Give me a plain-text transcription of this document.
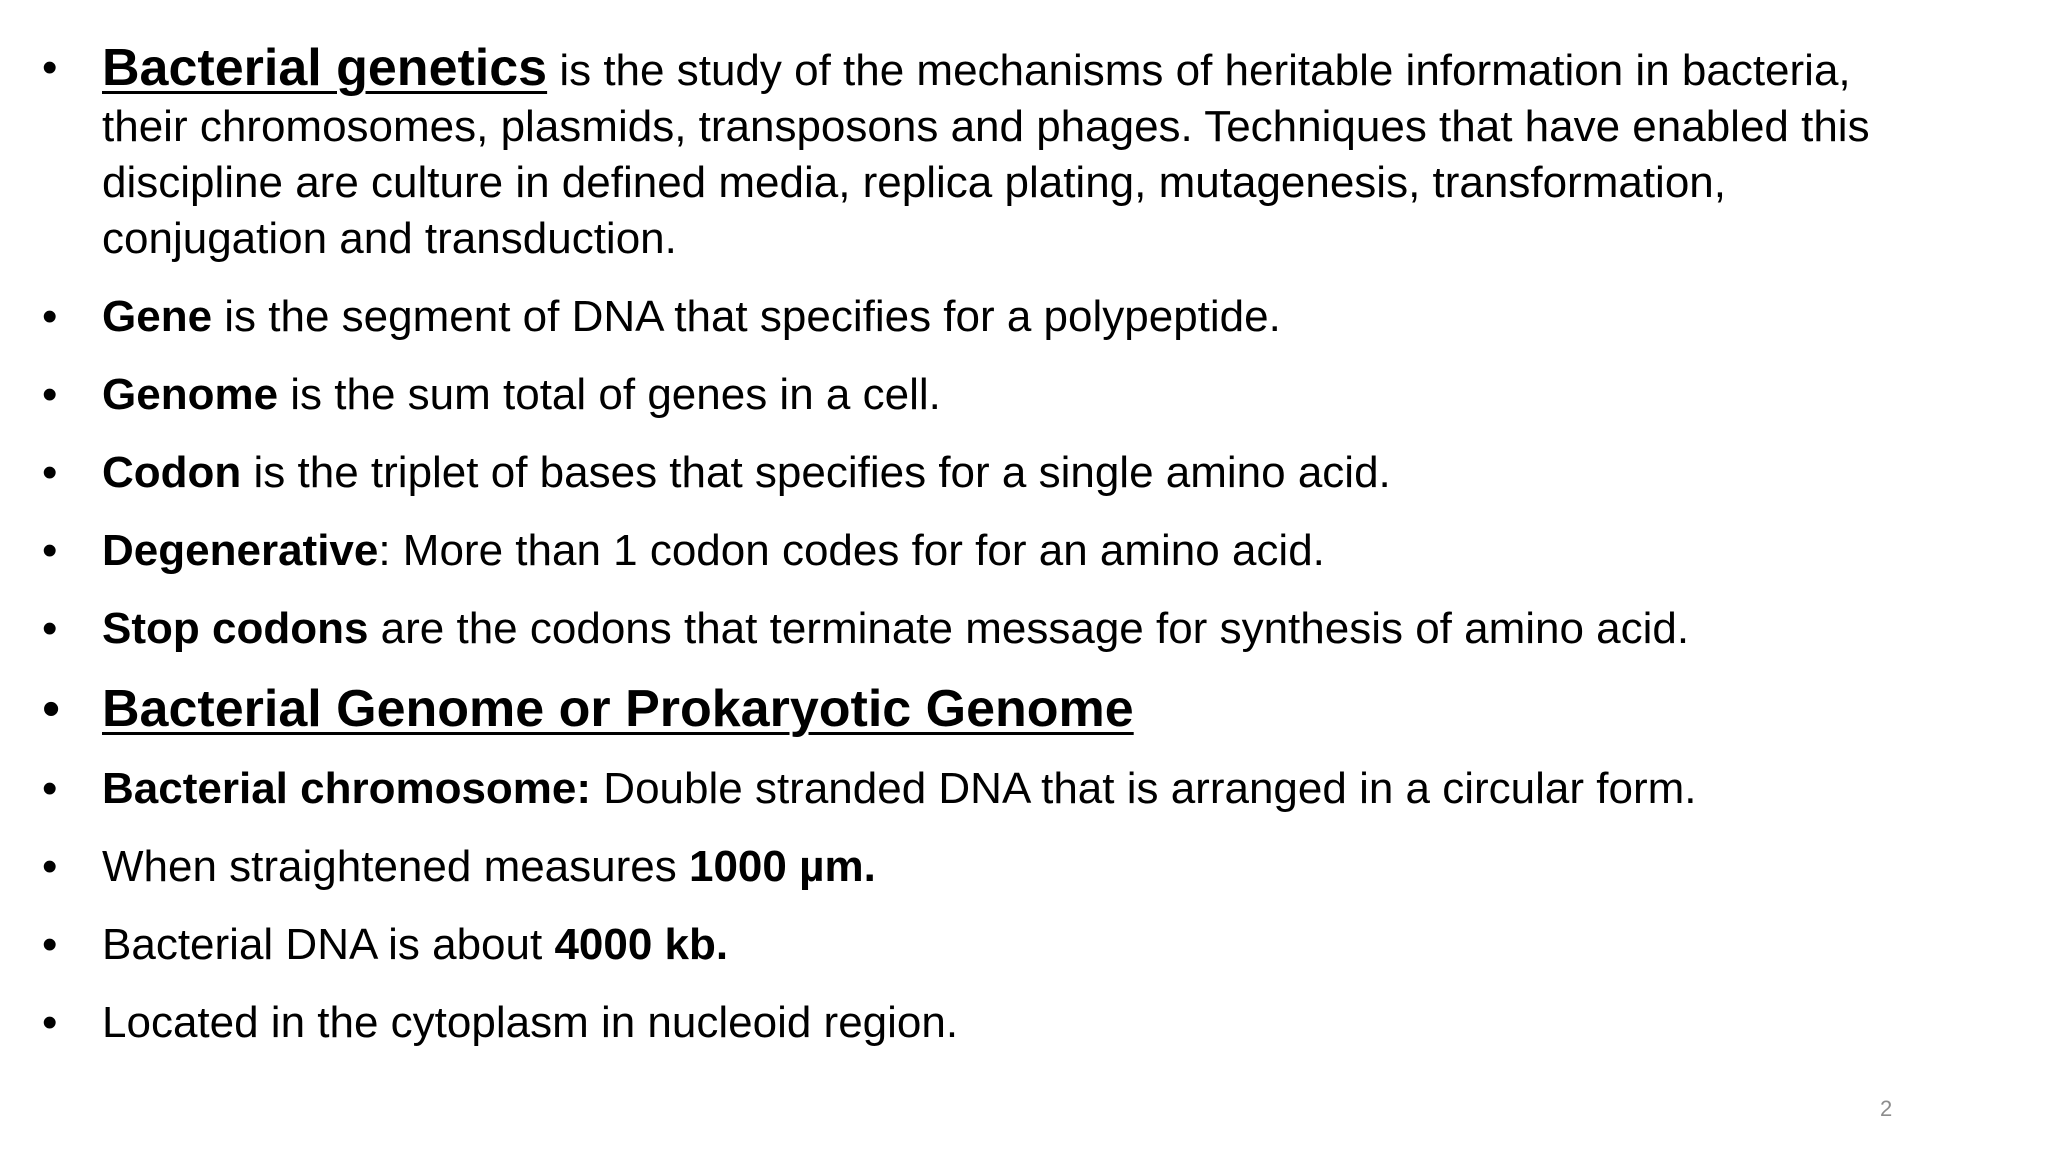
• Bacterial genetics is the study of the mechanisms of heritable information in bacteria,
their chromosomes, plasmids, transposons and phages. Techniques that have enabled this
discipline are culture in defined media, replica plating, mutagenesis, transformation,
conjugation and transduction.
•	Gene is the segment of DNA that specifies for a polypeptide.
•	Genome is the sum total of genes in a cell.
•	Codon is the triplet of bases that specifies for a single amino acid.
•	Degenerative: More than 1 codon codes for for an amino acid.
•	Stop codons are the codons that terminate message for synthesis of amino acid.
• Bacterial Genome or Prokaryotic Genome
•	Bacterial chromosome: Double stranded DNA that is arranged in a circular form.
•	When straightened measures 1000 µm.
•	Bacterial DNA is about 4000 kb.
•	Located in the cytoplasm in nucleoid region.
2
